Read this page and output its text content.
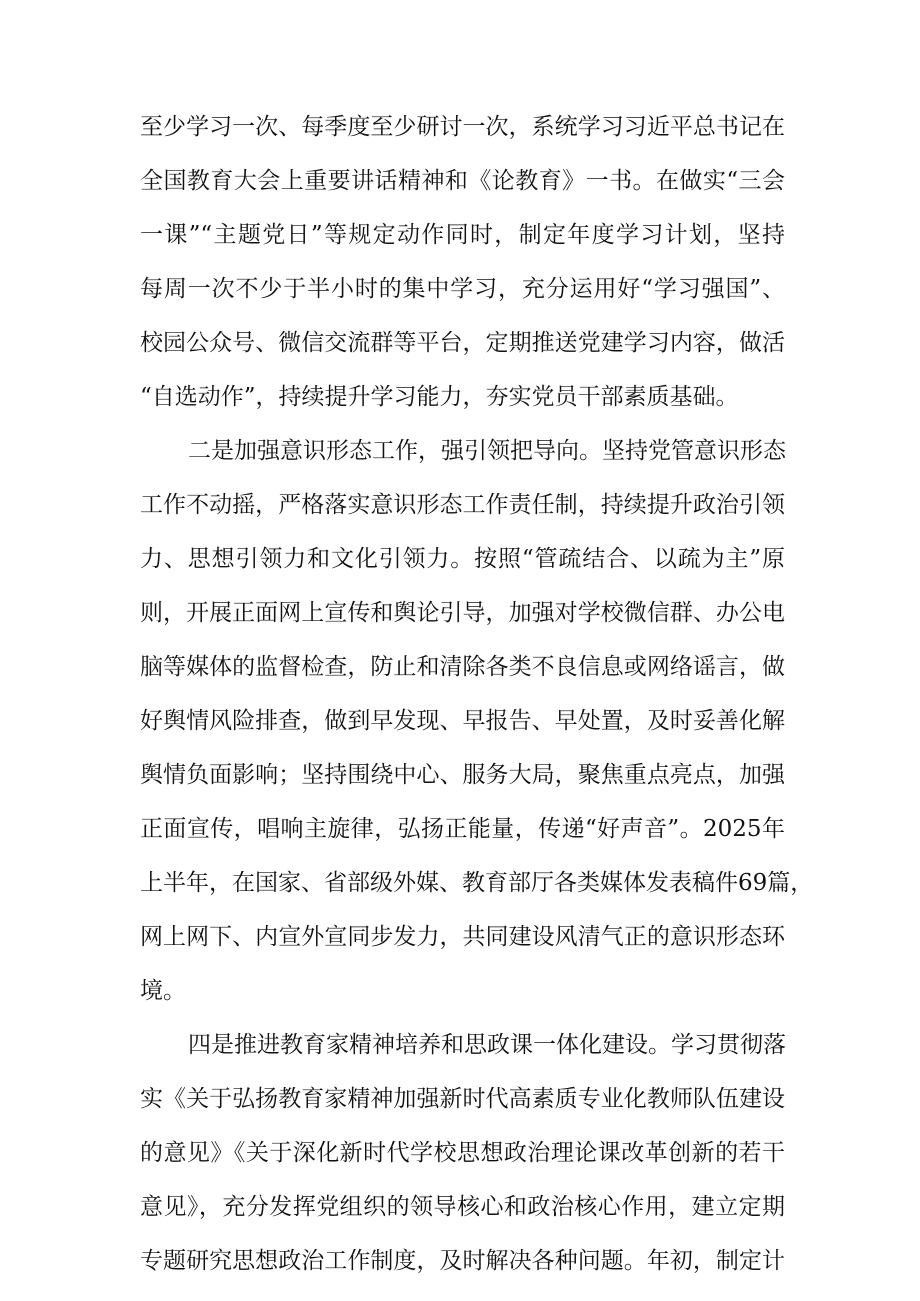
至少学习一次、每季度至少研讨一次，系统学习习近平总书记在
全国教育大会上重要讲话精神和《论教育》一书。在做实“三会
一课”“主题党日”等规定动作同时，制定年度学习计划，坚持
每周一次不少于半小时的集中学习，充分运用好“学习强国”、
校园公众号、微信交流群等平台，定期推送党建学习内容，做活
“自选动作”，持续提升学习能力，夯实党员干部素质基础。
二是加强意识形态工作，强引领把导向。坚持党管意识形态
工作不动摇，严格落实意识形态工作责任制，持续提升政治引领
力、思想引领力和文化引领力。按照“管疏结合、以疏为主”原
则，开展正面网上宣传和舆论引导，加强对学校微信群、办公电
脑等媒体的监督检查，防止和清除各类不良信息或网络谣言，做
好舆情风险排查，做到早发现、早报告、早处置，及时妥善化解
舆情负面影响；坚持围绕中心、服务大局，聚焦重点亮点，加强
正面宣传，唱响主旋律，弘扬正能量，传递“好声音”。2025年
上半年，在国家、省部级外媒、教育部厅各类媒体发表稿件69篇，
网上网下、内宣外宣同步发力，共同建设风清气正的意识形态环
境。
四是推进教育家精神培养和思政课一体化建设。学习贯彻落
实《关于弘扬教育家精神加强新时代高素质专业化教师队伍建设
的意见》《关于深化新时代学校思想政治理论课改革创新的若干
意见》，充分发挥党组织的领导核心和政治核心作用，建立定期
专题研究思想政治工作制度，及时解决各种问题。年初，制定计
